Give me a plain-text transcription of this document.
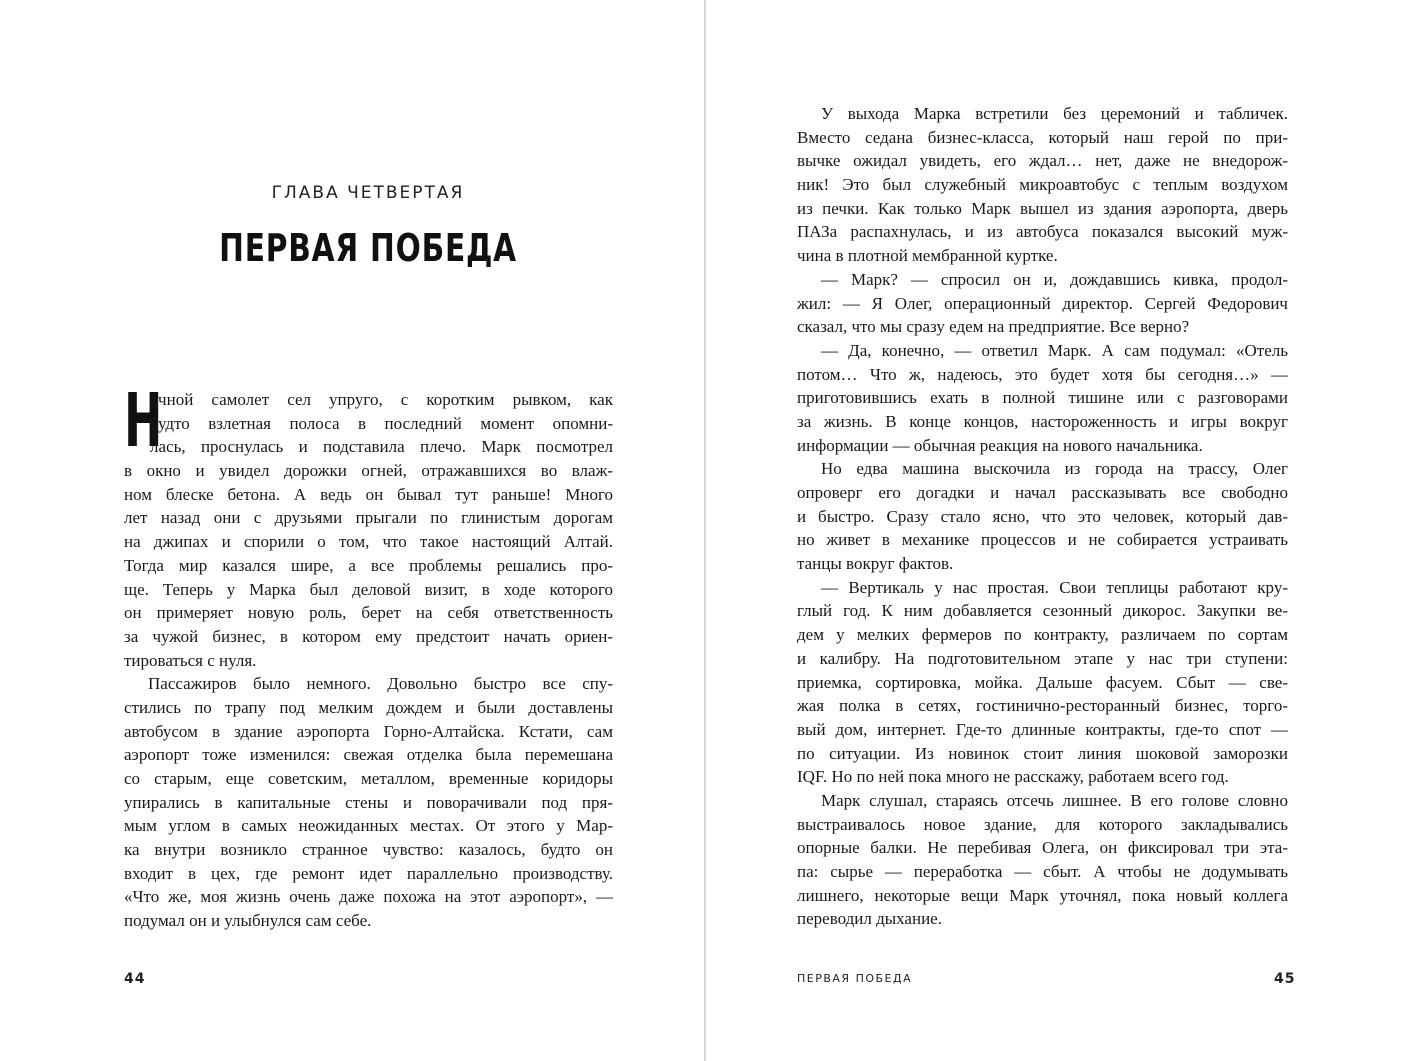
ГЛАВА ЧЕТВЕРТАЯ
ПЕРВАЯ ПОБЕДА
Н
очной самолет сел упруго, с коротким рывком, как
будто взлетная полоса в последний момент опомни-
лась, проснулась и подставила плечо. Марк посмотрел
в окно и увидел дорожки огней, отражавшихся во влаж-
ном блеске бетона. А ведь он бывал тут раньше! Много
лет назад они с друзьями прыгали по глинистым дорогам
на джипах и спорили о том, что такое настоящий Алтай.
Тогда мир казался шире, а все проблемы решались про-
ще. Теперь у Марка был деловой визит, в ходе которого
он примеряет новую роль, берет на себя ответственность
за чужой бизнес, в котором ему предстоит начать ориен-
тироваться с нуля.
Пассажиров было немного. Довольно быстро все спу-
стились по трапу под мелким дождем и были доставлены
автобусом в здание аэропорта Горно-Алтайска. Кстати, сам
аэропорт тоже изменился: свежая отделка была перемешана
со старым, еще советским, металлом, временные коридоры
упирались в капитальные стены и поворачивали под пря-
мым углом в самых неожиданных местах. От этого у Мар-
ка внутри возникло странное чувство: казалось, будто он
входит в цех, где ремонт идет параллельно производству.
«Что же, моя жизнь очень даже похожа на этот аэропорт», —
подумал он и улыбнулся сам себе.
44
У выхода Марка встретили без церемоний и табличек.
Вместо седана бизнес-класса, который наш герой по при-
вычке ожидал увидеть, его ждал… нет, даже не внедорож-
ник! Это был служебный микроавтобус с теплым воздухом
из печки. Как только Марк вышел из здания аэропорта, дверь
ПАЗа распахнулась, и из автобуса показался высокий муж-
чина в плотной мембранной куртке.
— Марк? — спросил он и, дождавшись кивка, продол-
жил: — Я Олег, операционный директор. Сергей Федорович
сказал, что мы сразу едем на предприятие. Все верно?
— Да, конечно, — ответил Марк. А сам подумал: «Отель
потом… Что ж, надеюсь, это будет хотя бы сегодня…» —
приготовившись ехать в полной тишине или с разговорами
за жизнь. В конце концов, настороженность и игры вокруг
информации — обычная реакция на нового начальника.
Но едва машина выскочила из города на трассу, Олег
опроверг его догадки и начал рассказывать все свободно
и быстро. Сразу стало ясно, что это человек, который дав-
но живет в механике процессов и не собирается устраивать
танцы вокруг фактов.
— Вертикаль у нас простая. Свои теплицы работают кру-
глый год. К ним добавляется сезонный дикорос. Закупки ве-
дем у мелких фермеров по контракту, различаем по сортам
и калибру. На подготовительном этапе у нас три ступени:
приемка, сортировка, мойка. Дальше фасуем. Сбыт — све-
жая полка в сетях, гостинично-ресторанный бизнес, торго-
вый дом, интернет. Где-то длинные контракты, где-то спот —
по ситуации. Из новинок стоит линия шоковой заморозки
IQF. Но по ней пока много не расскажу, работаем всего год.
Марк слушал, стараясь отсечь лишнее. В его голове словно
выстраивалось новое здание, для которого закладывались
опорные балки. Не перебивая Олега, он фиксировал три эта-
па: сырье — переработка — сбыт. А чтобы не додумывать
лишнего, некоторые вещи Марк уточнял, пока новый коллега
переводил дыхание.
ПЕРВАЯ ПОБЕДА	45
